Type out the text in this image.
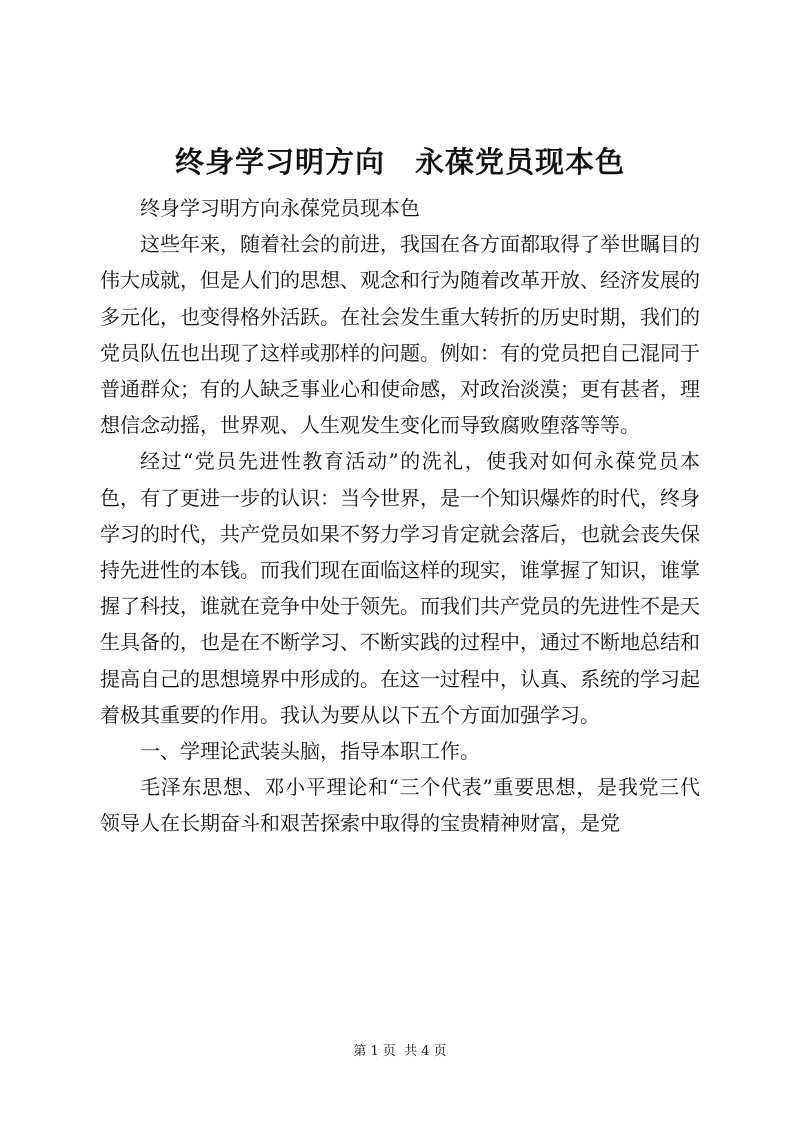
终身学习明方向　永葆党员现本色

终身学习明方向永葆党员现本色

这些年来，随着社会的前进，我国在各方面都取得了举世瞩目的伟大成就，但是人们的思想、观念和行为随着改革开放、经济发展的多元化，也变得格外活跃。在社会发生重大转折的历史时期，我们的党员队伍也出现了这样或那样的问题。例如：有的党员把自己混同于普通群众；有的人缺乏事业心和使命感，对政治淡漠；更有甚者，理想信念动摇，世界观、人生观发生变化而导致腐败堕落等等。

经过“党员先进性教育活动”的洗礼，使我对如何永葆党员本色，有了更进一步的认识：当今世界，是一个知识爆炸的时代，终身学习的时代，共产党员如果不努力学习肯定就会落后，也就会丧失保持先进性的本钱。而我们现在面临这样的现实，谁掌握了知识，谁掌握了科技，谁就在竞争中处于领先。而我们共产党员的先进性不是天生具备的，也是在不断学习、不断实践的过程中，通过不断地总结和提高自己的思想境界中形成的。在这一过程中，认真、系统的学习起着极其重要的作用。我认为要从以下五个方面加强学习。

一、学理论武装头脑，指导本职工作。

毛泽东思想、邓小平理论和“三个代表”重要思想，是我党三代领导人在长期奋斗和艰苦探索中取得的宝贵精神财富，是党

第 1 页  共 4 页
